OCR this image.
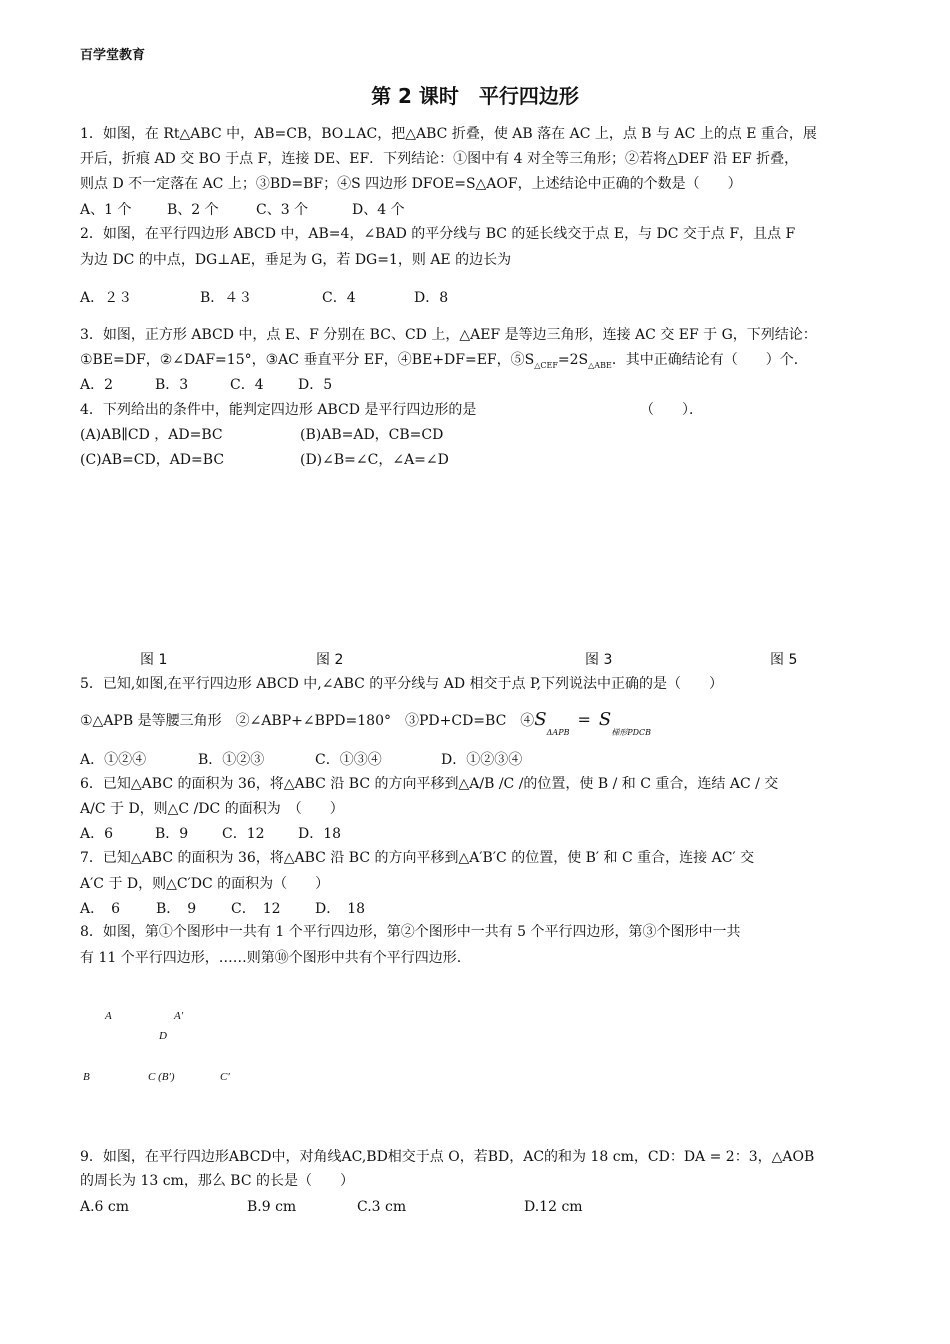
百学堂教育
第 2 课时　平行四边形
1．如图，在 Rt△ABC 中，AB=CB，BO⊥AC，把△ABC 折叠，使 AB 落在 AC 上，点 B 与 AC 上的点 E 重合，展
开后，折痕 AD 交 BO 于点 F，连接 DE、EF．下列结论：①图中有 4 对全等三角形；②若将△DEF 沿 EF 折叠，
则点 D 不一定落在 AC 上；③BD=BF；④S 四边形 DFOE=S△AOF，上述结论中正确的个数是（　　）
A、1 个	B、2 个	C、3 个	D、4 个
2．如图，在平行四边形 ABCD 中，AB=4，∠BAD 的平分线与 BC 的延长线交于点 E，与 DC 交于点 F，且点 F
为边 DC 的中点，DG⊥AE，垂足为 G，若 DG=1，则 AE 的边长为
A．２３	B．４３	C．4	D．8
3．如图，正方形 ABCD 中，点 E、F 分别在 BC、CD 上，△AEF 是等边三角形，连接 AC 交 EF 于 G，下列结论：
①BE=DF，②∠DAF=15°，③AC 垂直平分 EF，④BE+DF=EF，$⑤S_{\triangle CEF}=2S_{\triangle ABE}$．其中正确结论有（　　）个．
A．2	B．3	C．4 D．5
4．下列给出的条件中，能判定四边形 ABCD 是平行四边形的是	（　　）．
(A)AB∥CD ，AD=BC	(B)AB=AD，CB=CD
(C)AB=CD，AD=BC	(D)∠B=∠C，∠A=∠D
图 1	图 2	图 3	图 5
5．已知,如图,在平行四边形 ABCD 中,∠ABC 的平分线与 AD 相交于点 P,下列说法中正确的是（　　）
①△APB 是等腰三角形　②∠ABP+∠BPD=180°　③PD+CD=BC　$④S_{\Delta APB}= S_{梯形PDCB}$
A．①②④	B．①②③	C．①③④	D．①②③④
6．已知△ABC 的面积为 36，将△ABC 沿 BC 的方向平移到△A/B /C /的位置，使 B / 和 C 重合，连结 AC / 交
A/C 于 D，则△C /DC 的面积为　（　　）
A．6	B．9 C．12 D．18
7．已知△ABC 的面积为 36，将△ABC 沿 BC 的方向平移到△A′B′C 的位置，使 B′ 和 C 重合，连接 AC′ 交
A′C 于 D，则△C′DC 的面积为（　　）
A．　6	B．　9 C．　12 D．　18
8．如图，第①个图形中一共有 1 个平行四边形，第②个图形中一共有 5 个平行四边形，第③个图形中一共
有 11 个平行四边形，……则第⑩个图形中共有个平行四边形.
A	A′
D
B	C (B′)	C′
9．如图，在平行四边形ABCD中，对角线AC,BD相交于点 O，若BD，AC的和为 18 cm，CD：DA = 2：3，△AOB
的周长为 13 cm，那么 BC 的长是（　　）
A.6 cm	B.9 cm	C.3 cm	D.12 cm
